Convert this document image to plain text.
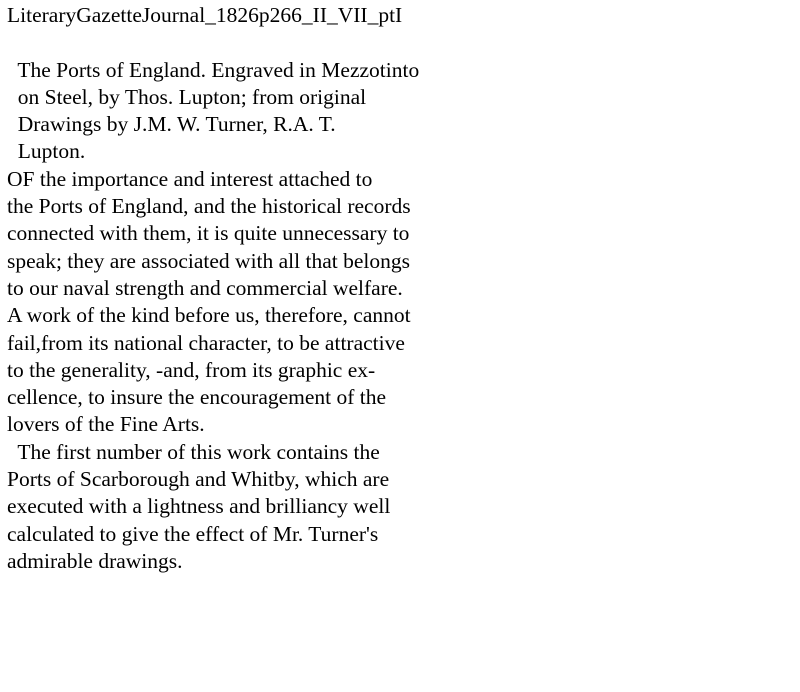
LiteraryGazetteJournal_1826p266_II_VII_ptI
The Ports of England. Engraved in Mezzotinto
on Steel, by Thos. Lupton; from original
Drawings by J.M. W. Turner, R.A. T.
Lupton.
OF the importance and interest attached to
the Ports of England, and the historical records
connected with them, it is quite unnecessary to
speak; they are associated with all that belongs
to our naval strength and commercial welfare.
A work of the kind before us, therefore, cannot
fail,from its national character, to be attractive
to the generality, -and, from its graphic ex-
cellence, to insure the encouragement of the
lovers of the Fine Arts.
The first number of this work contains the
Ports of Scarborough and Whitby, which are
executed with a lightness and brilliancy well
calculated to give the effect of Mr. Turner's
admirable drawings.
